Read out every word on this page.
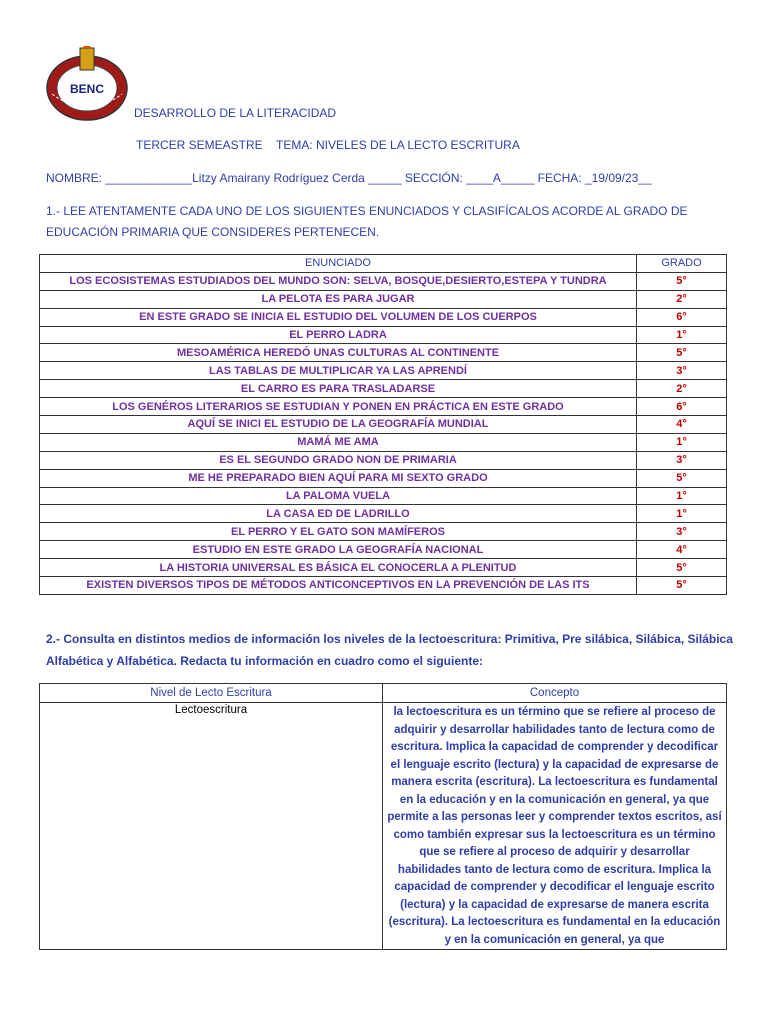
BENC
DESARROLLO DE LA LITERACIDAD
TERCER SEMEASTRE TEMA: NIVELES DE LA LECTO ESCRITURA
NOMBRE: _____________Litzy Amairany Rodríguez Cerda _____ SECCIÓN: ____A_____ FECHA: _19/09/23__
1.- LEE ATENTAMENTE CADA UNO DE LOS SIGUIENTES ENUNCIADOS Y CLASIFÍCALOS ACORDE AL GRADO DE EDUCACIÓN PRIMARIA QUE CONSIDERES PERTENECEN.
ENUNCIADO	GRADO
LOS ECOSISTEMAS ESTUDIADOS DEL MUNDO SON: SELVA, BOSQUE,DESIERTO,ESTEPA Y TUNDRA	5°
LA PELOTA ES PARA JUGAR	2°
EN ESTE GRADO SE INICIA EL ESTUDIO DEL VOLUMEN DE LOS CUERPOS	6°
EL PERRO LADRA	1°
MESOAMÉRICA HEREDÓ UNAS CULTURAS AL CONTINENTE	5°
LAS TABLAS DE MULTIPLICAR YA LAS APRENDÍ	3°
EL CARRO ES PARA TRASLADARSE	2°
LOS GENÉROS LITERARIOS SE ESTUDIAN Y PONEN EN PRÁCTICA EN ESTE GRADO	6°
AQUÍ SE INICI EL ESTUDIO DE LA GEOGRAFÍA MUNDIAL	4°
MAMÁ ME AMA	1°
ES EL SEGUNDO GRADO NON DE PRIMARIA	3°
ME HE PREPARADO BIEN AQUÍ PARA MI SEXTO GRADO	5°
LA PALOMA VUELA	1°
LA CASA ED DE LADRILLO	1°
EL PERRO Y EL GATO SON MAMÍFEROS	3°
ESTUDIO EN ESTE GRADO LA GEOGRAFÍA NACIONAL	4°
LA HISTORIA UNIVERSAL ES BÁSICA EL CONOCERLA A PLENITUD	5°
EXISTEN DIVERSOS TIPOS DE MÉTODOS ANTICONCEPTIVOS EN LA PREVENCIÓN DE LAS ITS	5°
2.- Consulta en distintos medios de información los niveles de la lectoescritura: Primitiva, Pre silábica, Silábica, Silábica Alfabética y Alfabética. Redacta tu información en cuadro como el siguiente:
Nivel de Lecto Escritura	Concepto
Lectoescritura	la lectoescritura es un término que se refiere al proceso de adquirir y desarrollar habilidades tanto de lectura como de escritura. Implica la capacidad de comprender y decodificar el lenguaje escrito (lectura) y la capacidad de expresarse de manera escrita (escritura). La lectoescritura es fundamental en la educación y en la comunicación en general, ya que permite a las personas leer y comprender textos escritos, así como también expresar sus la lectoescritura es un término que se refiere al proceso de adquirir y desarrollar habilidades tanto de lectura como de escritura. Implica la capacidad de comprender y decodificar el lenguaje escrito (lectura) y la capacidad de expresarse de manera escrita (escritura). La lectoescritura es fundamental en la educación y en la comunicación en general, ya que
